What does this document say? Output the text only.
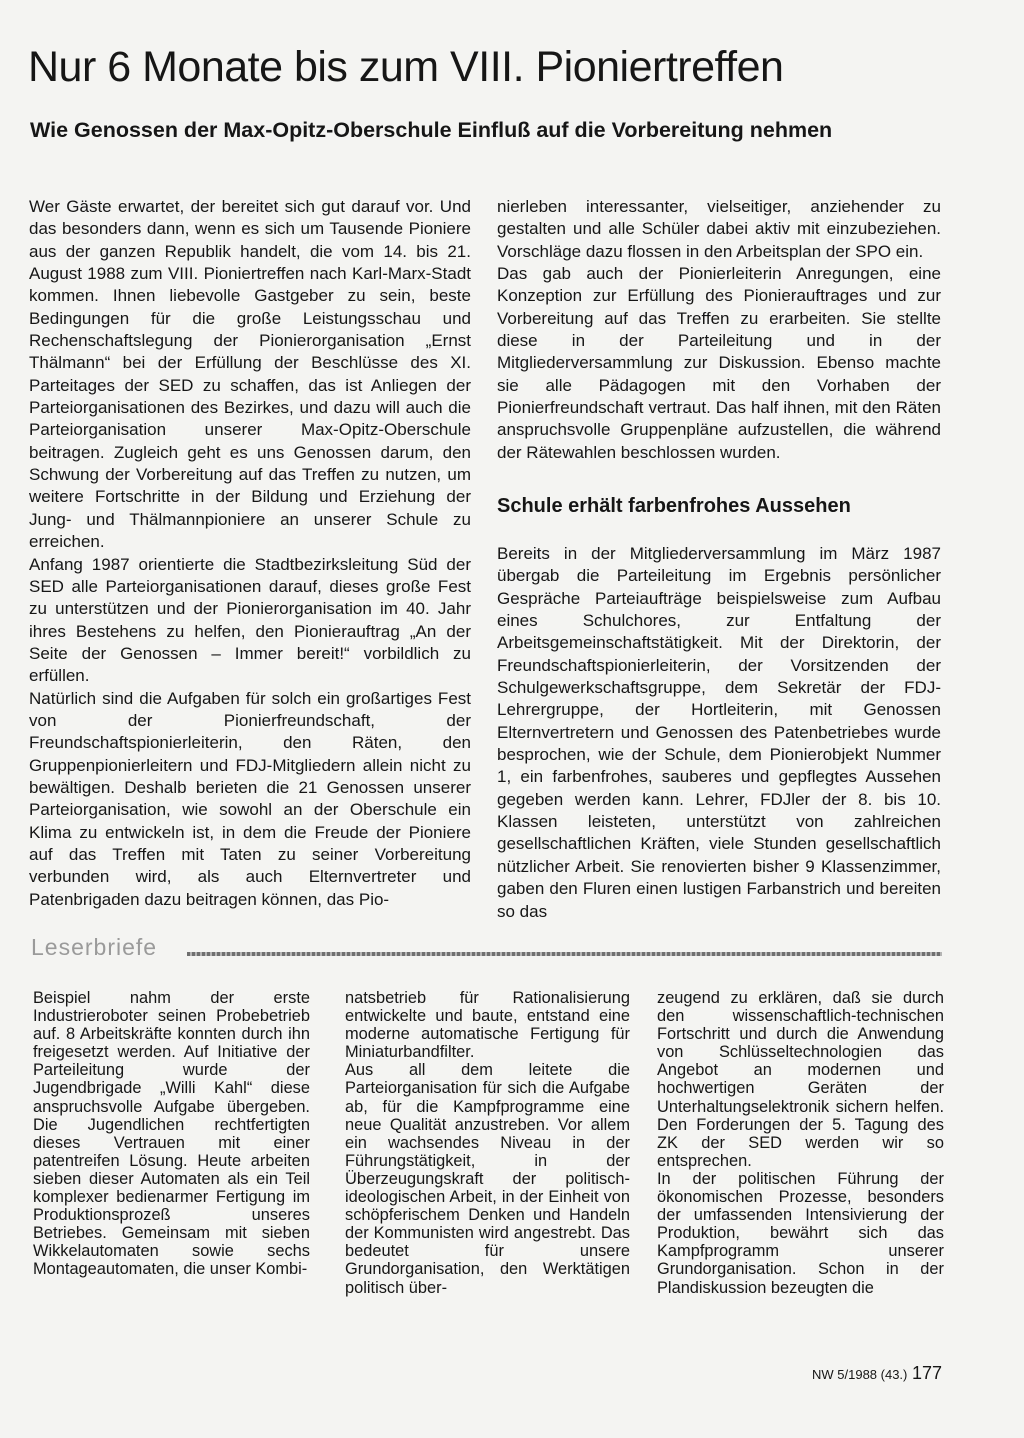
Nur 6 Monate bis zum VIII. Pioniertreffen
Wie Genossen der Max-Opitz-Oberschule Einfluß auf die Vorbereitung nehmen

Wer Gäste erwartet, der bereitet sich gut darauf vor. Und das besonders dann, wenn es sich um Tausende Pioniere aus der ganzen Republik handelt, die vom 14. bis 21. August 1988 zum VIII. Pioniertreffen nach Karl-Marx-Stadt kommen. Ihnen liebevolle Gastgeber zu sein, beste Bedingungen für die große Leistungsschau und Rechenschaftslegung der Pionierorganisation „Ernst Thälmann“ bei der Erfüllung der Beschlüsse des XI. Parteitages der SED zu schaffen, das ist Anliegen der Parteiorganisationen des Bezirkes, und dazu will auch die Parteiorganisation unserer Max-Opitz-Oberschule beitragen. Zugleich geht es uns Genossen darum, den Schwung der Vorbereitung auf das Treffen zu nutzen, um weitere Fortschritte in der Bildung und Erziehung der Jung- und Thälmannpioniere an unserer Schule zu erreichen.
Anfang 1987 orientierte die Stadtbezirksleitung Süd der SED alle Parteiorganisationen darauf, dieses große Fest zu unterstützen und der Pionierorganisation im 40. Jahr ihres Bestehens zu helfen, den Pionierauftrag „An der Seite der Genossen – Immer bereit!“ vorbildlich zu erfüllen.
Natürlich sind die Aufgaben für solch ein großartiges Fest von der Pionierfreundschaft, der Freundschaftspionierleiterin, den Räten, den Gruppenpionierleitern und FDJ-Mitgliedern allein nicht zu bewältigen. Deshalb berieten die 21 Genossen unserer Parteiorganisation, wie sowohl an der Oberschule ein Klima zu entwickeln ist, in dem die Freude der Pioniere auf das Treffen mit Taten zu seiner Vorbereitung verbunden wird, als auch Elternvertreter und Patenbrigaden dazu beitragen können, das Pio-

nierleben interessanter, vielseitiger, anziehender zu gestalten und alle Schüler dabei aktiv mit einzubeziehen. Vorschläge dazu flossen in den Arbeitsplan der SPO ein.
Das gab auch der Pionierleiterin Anregungen, eine Konzeption zur Erfüllung des Pionierauftrages und zur Vorbereitung auf das Treffen zu erarbeiten. Sie stellte diese in der Parteileitung und in der Mitgliederversammlung zur Diskussion. Ebenso machte sie alle Pädagogen mit den Vorhaben der Pionierfreundschaft vertraut. Das half ihnen, mit den Räten anspruchsvolle Gruppenpläne aufzustellen, die während der Rätewahlen beschlossen wurden.

Schule erhält farbenfrohes Aussehen

Bereits in der Mitgliederversammlung im März 1987 übergab die Parteileitung im Ergebnis persönlicher Gespräche Parteiaufträge beispielsweise zum Aufbau eines Schulchores, zur Entfaltung der Arbeitsgemeinschaftstätigkeit. Mit der Direktorin, der Freundschaftspionierleiterin, der Vorsitzenden der Schulgewerkschaftsgruppe, dem Sekretär der FDJ-Lehrergruppe, der Hortleiterin, mit Genossen Elternvertretern und Genossen des Patenbetriebes wurde besprochen, wie der Schule, dem Pionierobjekt Nummer 1, ein farbenfrohes, sauberes und gepflegtes Aussehen gegeben werden kann. Lehrer, FDJler der 8. bis 10. Klassen leisteten, unterstützt von zahlreichen gesellschaftlichen Kräften, viele Stunden gesellschaftlich nützlicher Arbeit. Sie renovierten bisher 9 Klassenzimmer, gaben den Fluren einen lustigen Farbanstrich und bereiten so das

Leserbriefe

Beispiel nahm der erste Industrieroboter seinen Probebetrieb auf. 8 Arbeitskräfte konnten durch ihn freigesetzt werden. Auf Initiative der Parteileitung wurde der Jugendbrigade „Willi Kahl“ diese anspruchsvolle Aufgabe übergeben. Die Jugendlichen rechtfertigten dieses Vertrauen mit einer patentreifen Lösung. Heute arbeiten sieben dieser Automaten als ein Teil komplexer bedienarmer Fertigung im Produktionsprozeß unseres Betriebes. Gemeinsam mit sieben Wikkelautomaten sowie sechs Montageautomaten, die unser Kombi-

natsbetrieb für Rationalisierung entwickelte und baute, entstand eine moderne automatische Fertigung für Miniaturbandfilter.
Aus all dem leitete die Parteiorganisation für sich die Aufgabe ab, für die Kampfprogramme eine neue Qualität anzustreben. Vor allem ein wachsendes Niveau in der Führungstätigkeit, in der Überzeugungskraft der politisch-ideologischen Arbeit, in der Einheit von schöpferischem Denken und Handeln der Kommunisten wird angestrebt. Das bedeutet für unsere Grundorganisation, den Werktätigen politisch über-

zeugend zu erklären, daß sie durch den wissenschaftlich-technischen Fortschritt und durch die Anwendung von Schlüsseltechnologien das Angebot an modernen und hochwertigen Geräten der Unterhaltungselektronik sichern helfen. Den Forderungen der 5. Tagung des ZK der SED werden wir so entsprechen.
In der politischen Führung der ökonomischen Prozesse, besonders der umfassenden Intensivierung der Produktion, bewährt sich das Kampfprogramm unserer Grundorganisation. Schon in der Plandiskussion bezeugten die

NW 5/1988 (43.) 177
